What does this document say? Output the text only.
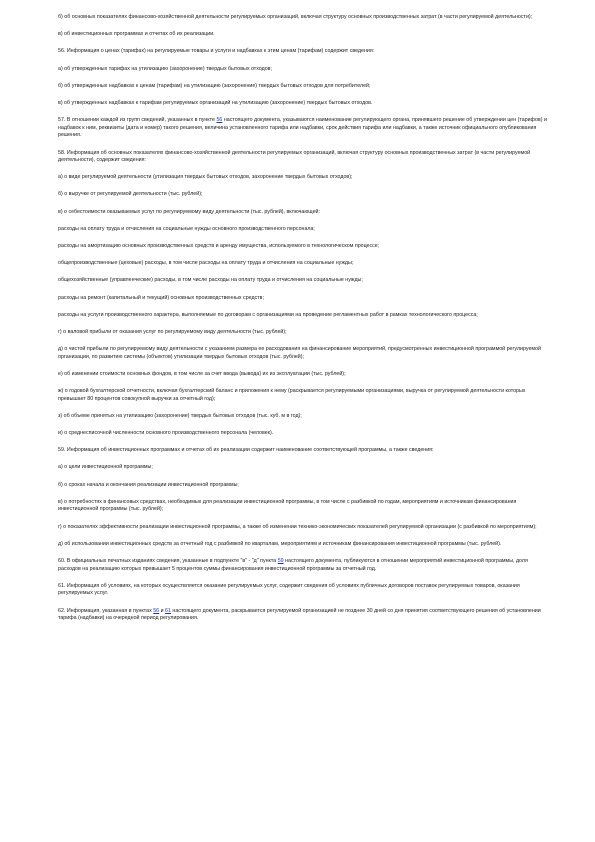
б) об основных показателях финансово-хозяйственной деятельности регулируемых организаций, включая структуру основных производственных затрат (в части регулируемой деятельности);

в) об инвестиционных программах и отчетах об их реализации.

56. Информация о ценах (тарифах) на регулируемые товары и услуги и надбавках к этим ценам (тарифам) содержит сведения:

а) об утвержденных тарифах на утилизацию (захоронение) твердых бытовых отходов;

б) об утвержденных надбавках к ценам (тарифам) на утилизацию (захоронение) твердых бытовых отходов для потребителей;

в) об утвержденных надбавках к тарифам регулируемых организаций на утилизацию (захоронение) твердых бытовых отходов.

57. В отношении каждой из групп сведений, указанных в пункте 56 настоящего документа, указываются наименование регулирующего органа, принявшего решение об утверждении цен (тарифов) и надбавок к ним, реквизиты (дата и номер) такого решения, величина установленного тарифа или надбавки, срок действия тарифа или надбавки, а также источник официального опубликования решения.

58. Информация об основных показателях финансово-хозяйственной деятельности регулируемых организаций, включая структуру основных производственных затрат (в части регулируемой деятельности), содержит сведения:

а) о виде регулируемой деятельности (утилизация твердых бытовых отходов, захоронение твердых бытовых отходов);

б) о выручке от регулируемой деятельности (тыс. рублей);

в) о себестоимости оказываемых услуг по регулируемому виду деятельности (тыс. рублей), включающей:

расходы на оплату труда и отчисления на социальные нужды основного производственного персонала;

расходы на амортизацию основных производственных средств и аренду имущества, используемого в технологическом процессе;

общепроизводственные (цеховые) расходы, в том числе расходы на оплату труда и отчисления на социальные нужды;

общехозяйственные (управленческие) расходы, в том числе расходы на оплату труда и отчисления на социальные нужды;

расходы на ремонт (капитальный и текущий) основных производственных средств;

расходы на услуги производственного характера, выполняемые по договорам с организациями на проведение регламентных работ в рамках технологического процесса;

г) о валовой прибыли от оказания услуг по регулируемому виду деятельности (тыс. рублей);

д) о чистой прибыли по регулируемому виду деятельности с указанием размера ее расходования на финансирование мероприятий, предусмотренных инвестиционной программой регулируемой организации, по развитию системы (объектов) утилизации твердых бытовых отходов (тыс. рублей);

е) об изменении стоимости основных фондов, в том числе за счет ввода (вывода) их из эксплуатации (тыс. рублей);

ж) о годовой бухгалтерской отчетности, включая бухгалтерский баланс и приложения к нему (раскрывается регулируемыми организациями, выручка от регулируемой деятельности которых превышает 80 процентов совокупной выручки за отчетный год);

з) об объеме принятых на утилизацию (захоронение) твердых бытовых отходов (тыс. куб. м в год);

и) о среднесписочной численности основного производственного персонала (человек).

59. Информация об инвестиционных программах и отчетах об их реализации содержит наименование соответствующей программы, а также сведения:

а) о цели инвестиционной программы;

б) о сроках начала и окончания реализации инвестиционной программы;

в) о потребностях в финансовых средствах, необходимых для реализации инвестиционной программы, в том числе с разбивкой по годам, мероприятиям и источникам финансирования инвестиционной программы (тыс. рублей);

г) о показателях эффективности реализации инвестиционной программы, а также об изменении технико-экономических показателей регулируемой организации (с разбивкой по мероприятиям);

д) об использовании инвестиционных средств за отчетный год с разбивкой по кварталам, мероприятиям и источникам финансирования инвестиционной программы (тыс. рублей).

60. В официальных печатных изданиях сведения, указанные в подпункте "в" - "д" пункта 59 настоящего документа, публикуются в отношении мероприятий инвестиционной программы, доля расходов на реализацию которых превышает 5 процентов суммы финансирования инвестиционной программы за отчетный год.

61. Информация об условиях, на которых осуществляется оказание регулируемых услуг, содержит сведения об условиях публичных договоров поставок регулируемых товаров, оказания регулируемых услуг.

62. Информация, указанная в пунктах 56 и 61 настоящего документа, раскрывается регулируемой организацией не позднее 30 дней со дня принятия соответствующего решения об установлении тарифа (надбавки) на очередной период регулирования.
